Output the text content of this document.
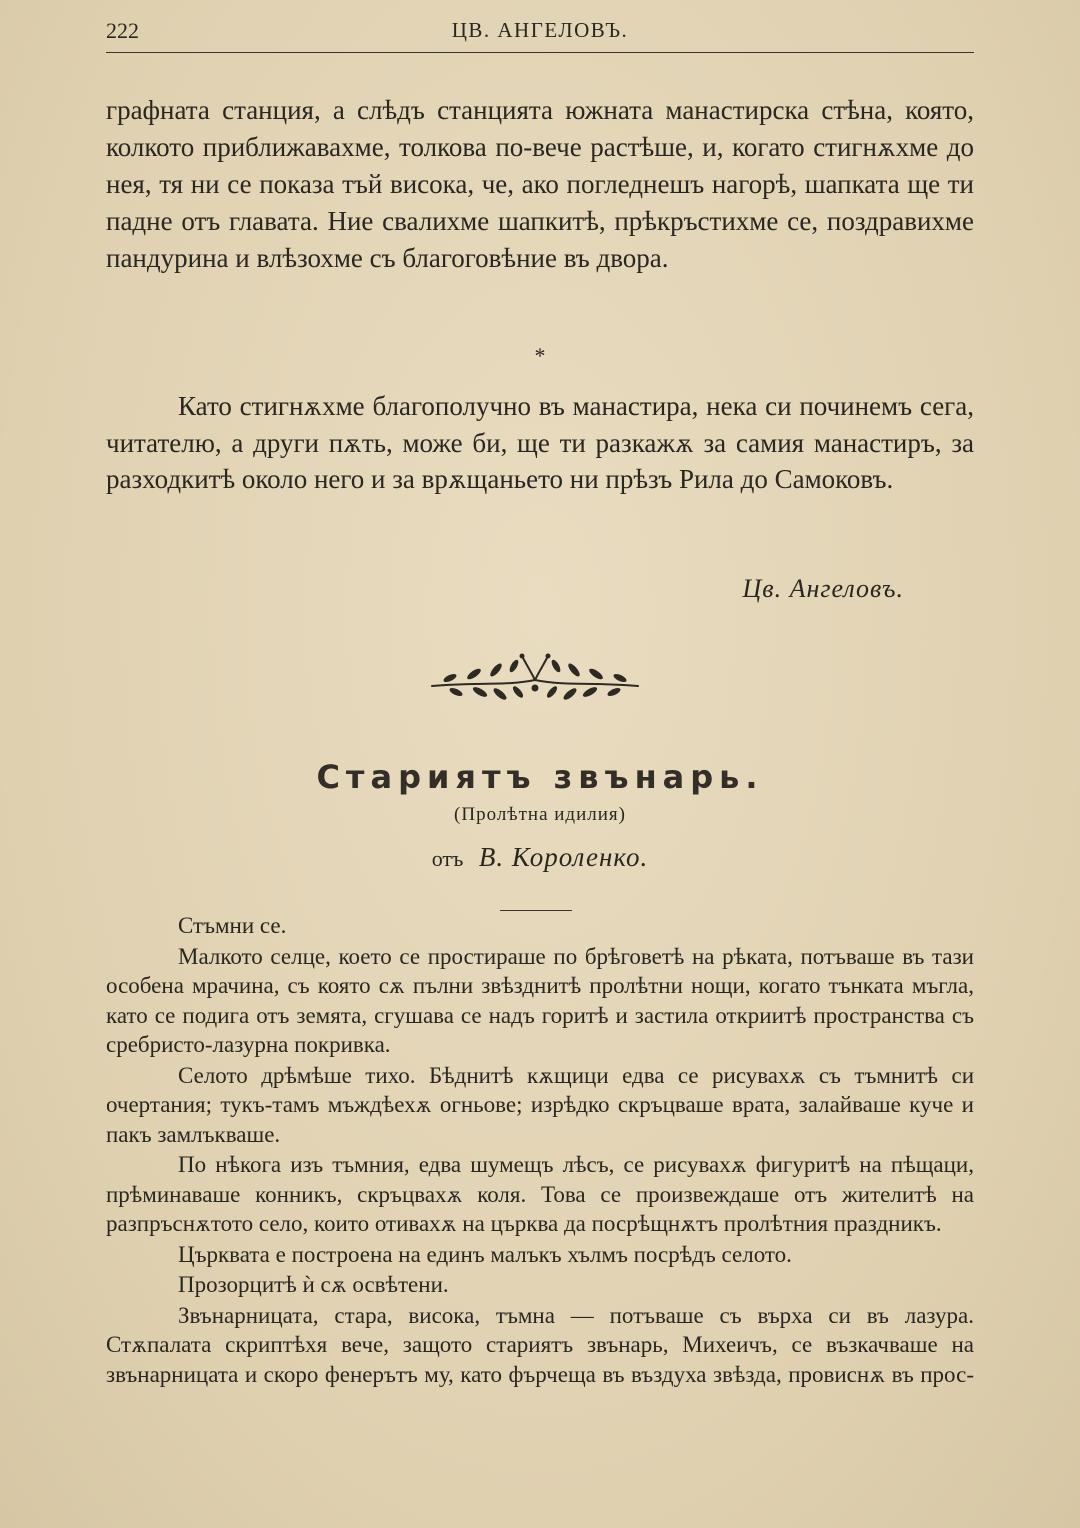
222	ЦВ. АНГЕЛОВЪ.

графната станция, а слѣдъ станцията южната манастирска стѣна, която, колкото приближавахме, толкова по-вече растѣше, и, когато стигнѫхме до нея, тя ни се показа тъй висока, че, ако погледнешъ нагорѣ, шапката ще ти падне отъ главата. Ние свалихме шапкитѣ, прѣкръстихме се, поздравихме пандурина и влѣзохме съ благоговѣние въ двора.

*

Като стигнѫхме благополучно въ манастира, нека си починемъ сега, читателю, а други пѫть, може би, ще ти разкажѫ за самия манастиръ, за разходкитѣ около него и за врѫщаньето ни прѣзъ Рила до Самоковъ.

Цв. Ангеловъ.
Стариятъ звънарь.
(Пролѣтна идилия)
отъ В. Короленко.

Стъмни се.

Малкото селце, което се простираше по брѣговетѣ на рѣката, потъваше въ тази особена мрачина, съ която сѫ пълни звѣзднитѣ пролѣтни нощи, когато тънката мъгла, като се подига отъ земята, сгушава се надъ горитѣ и застила откриитѣ пространства съ сребристо-лазурна покривка.

Селото дрѣмѣше тихо. Бѣднитѣ кѫщици едва се рисувахѫ съ тъмнитѣ си очертания; тукъ-тамъ мъждѣехѫ огньове; изрѣдко скръцваше врата, залайваше куче и пакъ замлъкваше.

По нѣкога изъ тъмния, едва шумещъ лѣсъ, се рисувахѫ фигуритѣ на пѣщаци, прѣминаваше конникъ, скръцвахѫ коля. Това се произвеждаше отъ жителитѣ на разпръснѫтото село, които отивахѫ на църква да посрѣщнѫтъ пролѣтния праздникъ.

Църквата е построена на единъ малъкъ хълмъ посрѣдъ селото.

Прозорцитѣ ѝ сѫ освѣтени.

Звънарницата, стара, висока, тъмна — потъваше съ върха си въ лазура. Стѫпалата скриптѣхя вече, защото стариятъ звънарь, Михеичъ, се възкачваше на звънарницата и скоро фенерътъ му, като фърчеща въ въздуха звѣзда, провиснѫ въ прос-
